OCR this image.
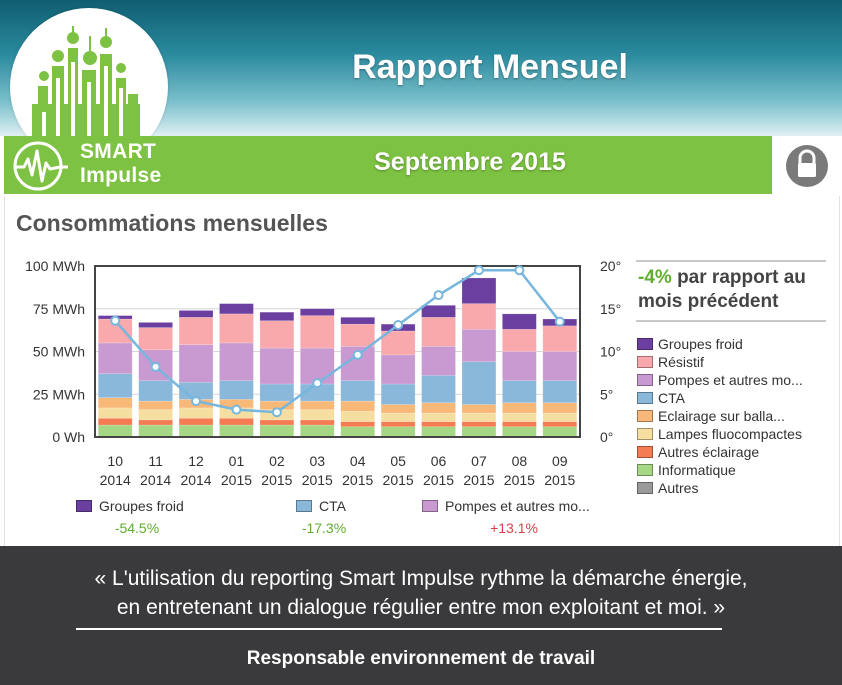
Rapport Mensuel
SMART
Impulse	Septembre 2015
Consommations mensuelles
0 Wh
25 MWh
50 MWh
75 MWh
100 MWh
0°
5°
10°
15°
20°
10
2014
11
2014
12
2014
01
2015
02
2015
03
2015
04
2015
05
2015
06
2015
07
2015
08
2015
09
2015
-4% par rapport au mois précédent
Groupes froid
Résistif
Pompes et autres mo...
CTA
Eclairage sur balla...
Lampes fluocompactes
Autres éclairage
Informatique
Autres
Groupes froid
-54.5%
CTA
-17.3%
Pompes et autres mo...
+13.1%
« L'utilisation du reporting Smart Impulse rythme la démarche énergie,
en entretenant un dialogue régulier entre mon exploitant et moi. »
Responsable environnement de travail
